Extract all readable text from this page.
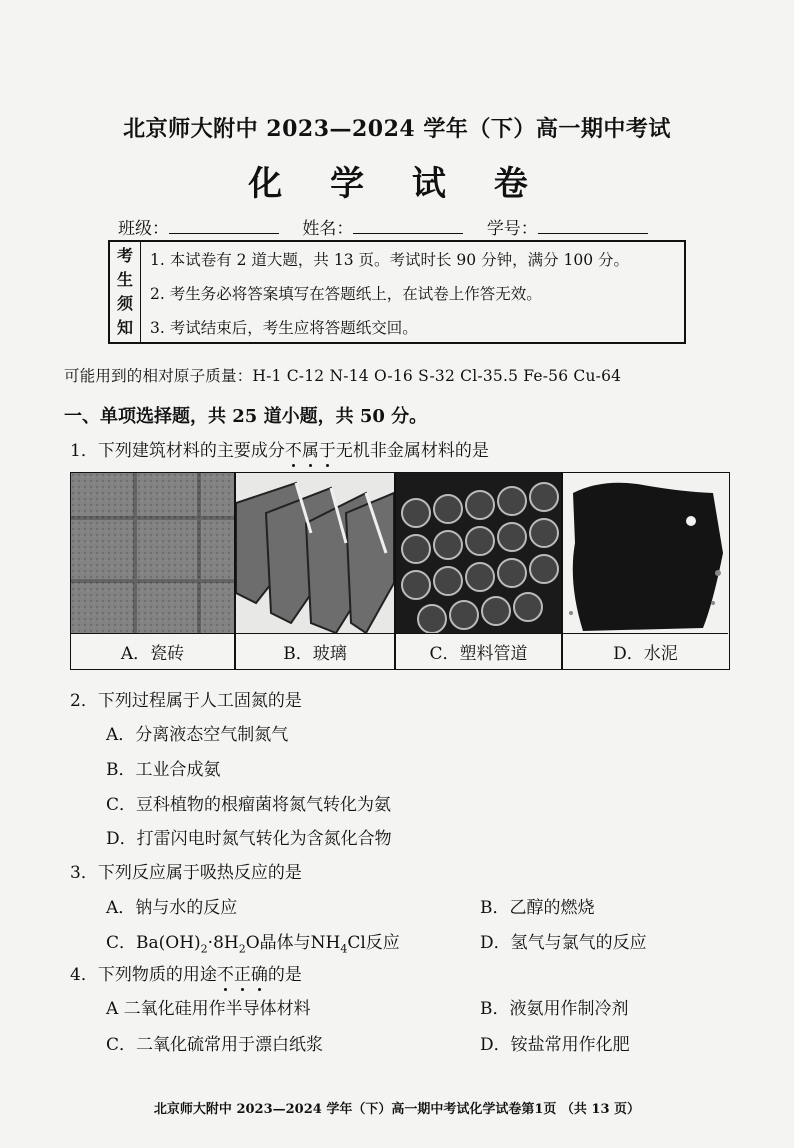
北京师大附中 2023—2024 学年（下）高一期中考试
化 学 试 卷
班级：	姓名：	学号：
考
生
须
知
1. 本试卷有 2 道大题，共 13 页。考试时长 90 分钟，满分 100 分。
2. 考生务必将答案填写在答题纸上，在试卷上作答无效。
3. 考试结束后，考生应将答题纸交回。
可能用到的相对原子质量：H-1 C-12 N-14 O-16 S-32 Cl-35.5 Fe-56 Cu-64
一、单项选择题，共 25 道小题，共 50 分。
1．下列建筑材料的主要成分不属于无机非金属材料的是
A．瓷砖	B．玻璃	C．塑料管道	D．水泥
2．下列过程属于人工固氮的是
A．分离液态空气制氮气
B．工业合成氨
C．豆科植物的根瘤菌将氮气转化为氨
D．打雷闪电时氮气转化为含氮化合物
3．下列反应属于吸热反应的是
A．钠与水的反应	B．乙醇的燃烧
C．$Ba(OH)_2\cdot 8H_2O$晶体与$NH_4Cl$反应	D．氢气与氯气的反应
4．下列物质的用途不正确的是
A 二氧化硅用作半导体材料	B．液氨用作制冷剂
C．二氧化硫常用于漂白纸浆	D．铵盐常用作化肥
北京师大附中 2023—2024 学年（下）高一期中考试化学试卷第1页 （共 13 页）
